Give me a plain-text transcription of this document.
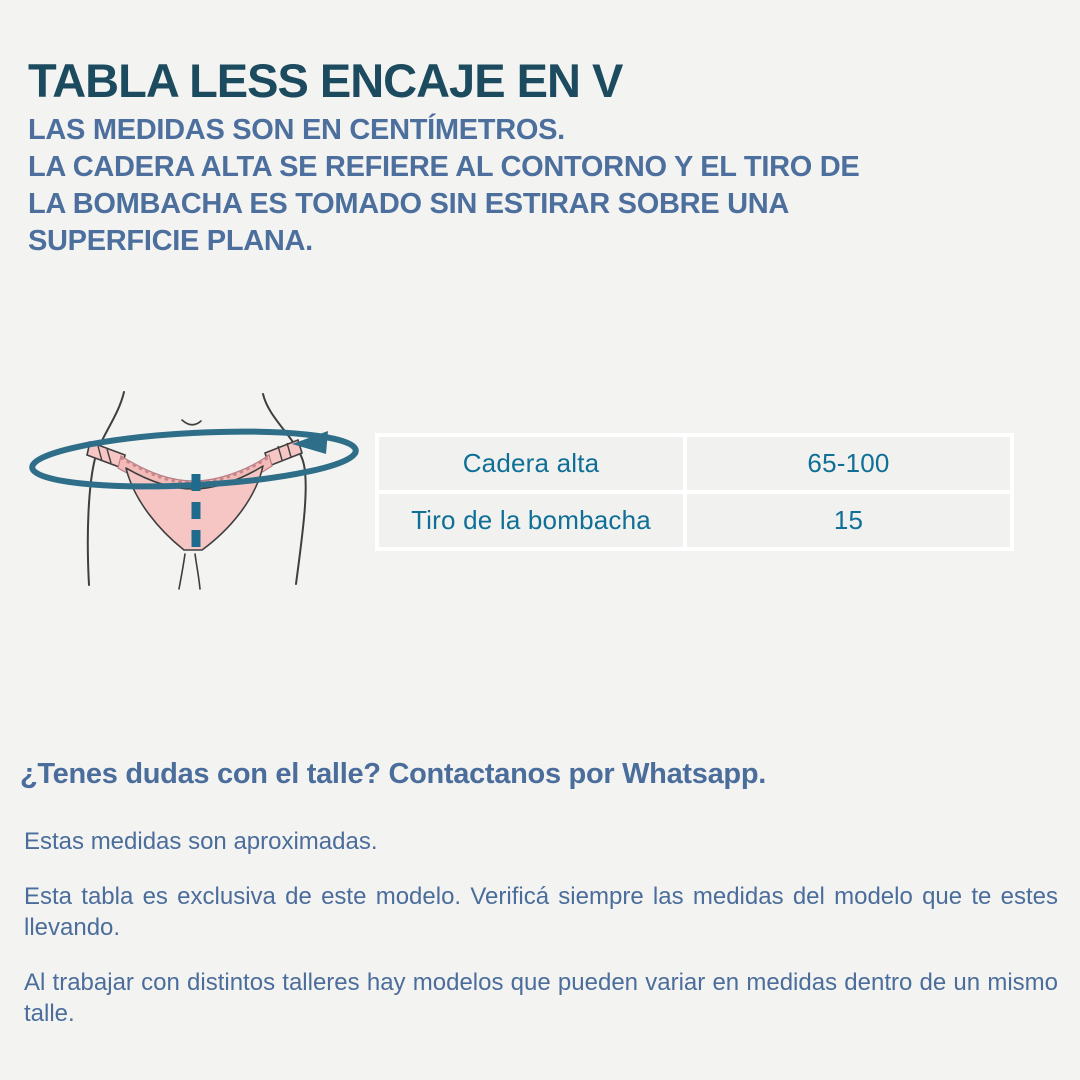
TABLA LESS ENCAJE EN V
LAS MEDIDAS SON EN CENTÍMETROS.
LA CADERA ALTA SE REFIERE AL CONTORNO Y EL TIRO DE
LA BOMBACHA ES TOMADO SIN ESTIRAR SOBRE UNA
SUPERFICIE PLANA.
Cadera alta	65-100
Tiro de la bombacha	15
¿Tenes dudas con el talle? Contactanos por Whatsapp.

Estas medidas son aproximadas.

Esta tabla es exclusiva de este modelo. Verificá siempre las medidas del modelo que te estes llevando.

Al trabajar con distintos talleres hay modelos que pueden variar en medidas dentro de un mismo talle.
